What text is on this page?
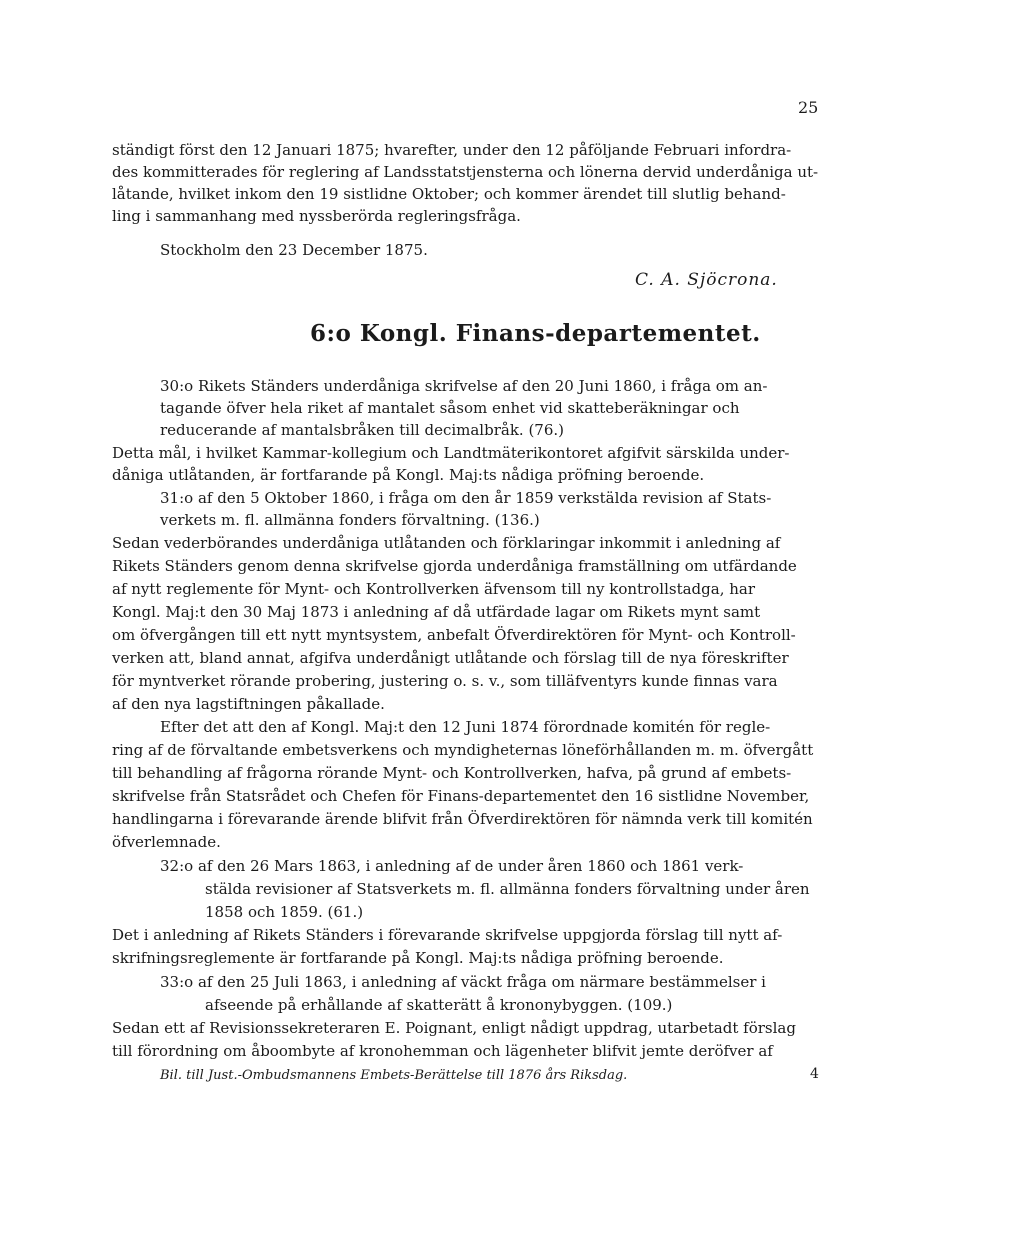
25
ständigt först den 12 Januari 1875; hvarefter, under den 12 påföljande Februari infordra-
des kommitterades för reglering af Landsstatstjensterna och lönerna dervid underdåniga ut-
låtande, hvilket inkom den 19 sistlidne Oktober; och kommer ärendet till slutlig behand-
ling i sammanhang med nyssberörda regleringsfråga.
Stockholm den 23 December 1875.
C. A. Sjöcrona.
6:o Kongl. Finans-departementet.
30:o Rikets Ständers underdåniga skrifvelse af den 20 Juni 1860, i fråga om an-
tagande öfver hela riket af mantalet såsom enhet vid skatteberäkningar och
reducerande af mantalsbråken till decimalbråk. (76.)
Detta mål, i hvilket Kammar-kollegium och Landtmäterikontoret afgifvit särskilda under-
dåniga utlåtanden, är fortfarande på Kongl. Maj:ts nådiga pröfning beroende.
31:o af den 5 Oktober 1860, i fråga om den år 1859 verkstälda revision af Stats-
verkets m. fl. allmänna fonders förvaltning. (136.)
Sedan vederbörandes underdåniga utlåtanden och förklaringar inkommit i anledning af
Rikets Ständers genom denna skrifvelse gjorda underdåniga framställning om utfärdande
af nytt reglemente för Mynt- och Kontrollverken äfvensom till ny kontrollstadga, har
Kongl. Maj:t den 30 Maj 1873 i anledning af då utfärdade lagar om Rikets mynt samt
om öfvergången till ett nytt myntsystem, anbefalt Öfverdirektören för Mynt- och Kontroll-
verken att, bland annat, afgifva underdånigt utlåtande och förslag till de nya föreskrifter
för myntverket rörande probering, justering o. s. v., som tilläfventyrs kunde finnas vara
af den nya lagstiftningen påkallade.
Efter det att den af Kongl. Maj:t den 12 Juni 1874 förordnade komitén för regle-
ring af de förvaltande embetsverkens och myndigheternas löneförhållanden m. m. öfvergått
till behandling af frågorna rörande Mynt- och Kontrollverken, hafva, på grund af embets-
skrifvelse från Statsrådet och Chefen för Finans-departementet den 16 sistlidne November,
handlingarna i förevarande ärende blifvit från Öfverdirektören för nämnda verk till komitén
öfverlemnade.
32:o af den 26 Mars 1863, i anledning af de under åren 1860 och 1861 verk-
stälda revisioner af Statsverkets m. fl. allmänna fonders förvaltning under åren
1858 och 1859. (61.)
Det i anledning af Rikets Ständers i förevarande skrifvelse uppgjorda förslag till nytt af-
skrifningsreglemente är fortfarande på Kongl. Maj:ts nådiga pröfning beroende.
33:o af den 25 Juli 1863, i anledning af väckt fråga om närmare bestämmelser i
afseende på erhållande af skatterätt å krononybyggen. (109.)
Sedan ett af Revisionssekreteraren E. Poignant, enligt nådigt uppdrag, utarbetadt förslag
till förordning om åboombyte af kronohemman och lägenheter blifvit jemte deröfver af
Bil. till Just.-Ombudsmannens Embets-Berättelse till 1876 års Riksdag.	4
